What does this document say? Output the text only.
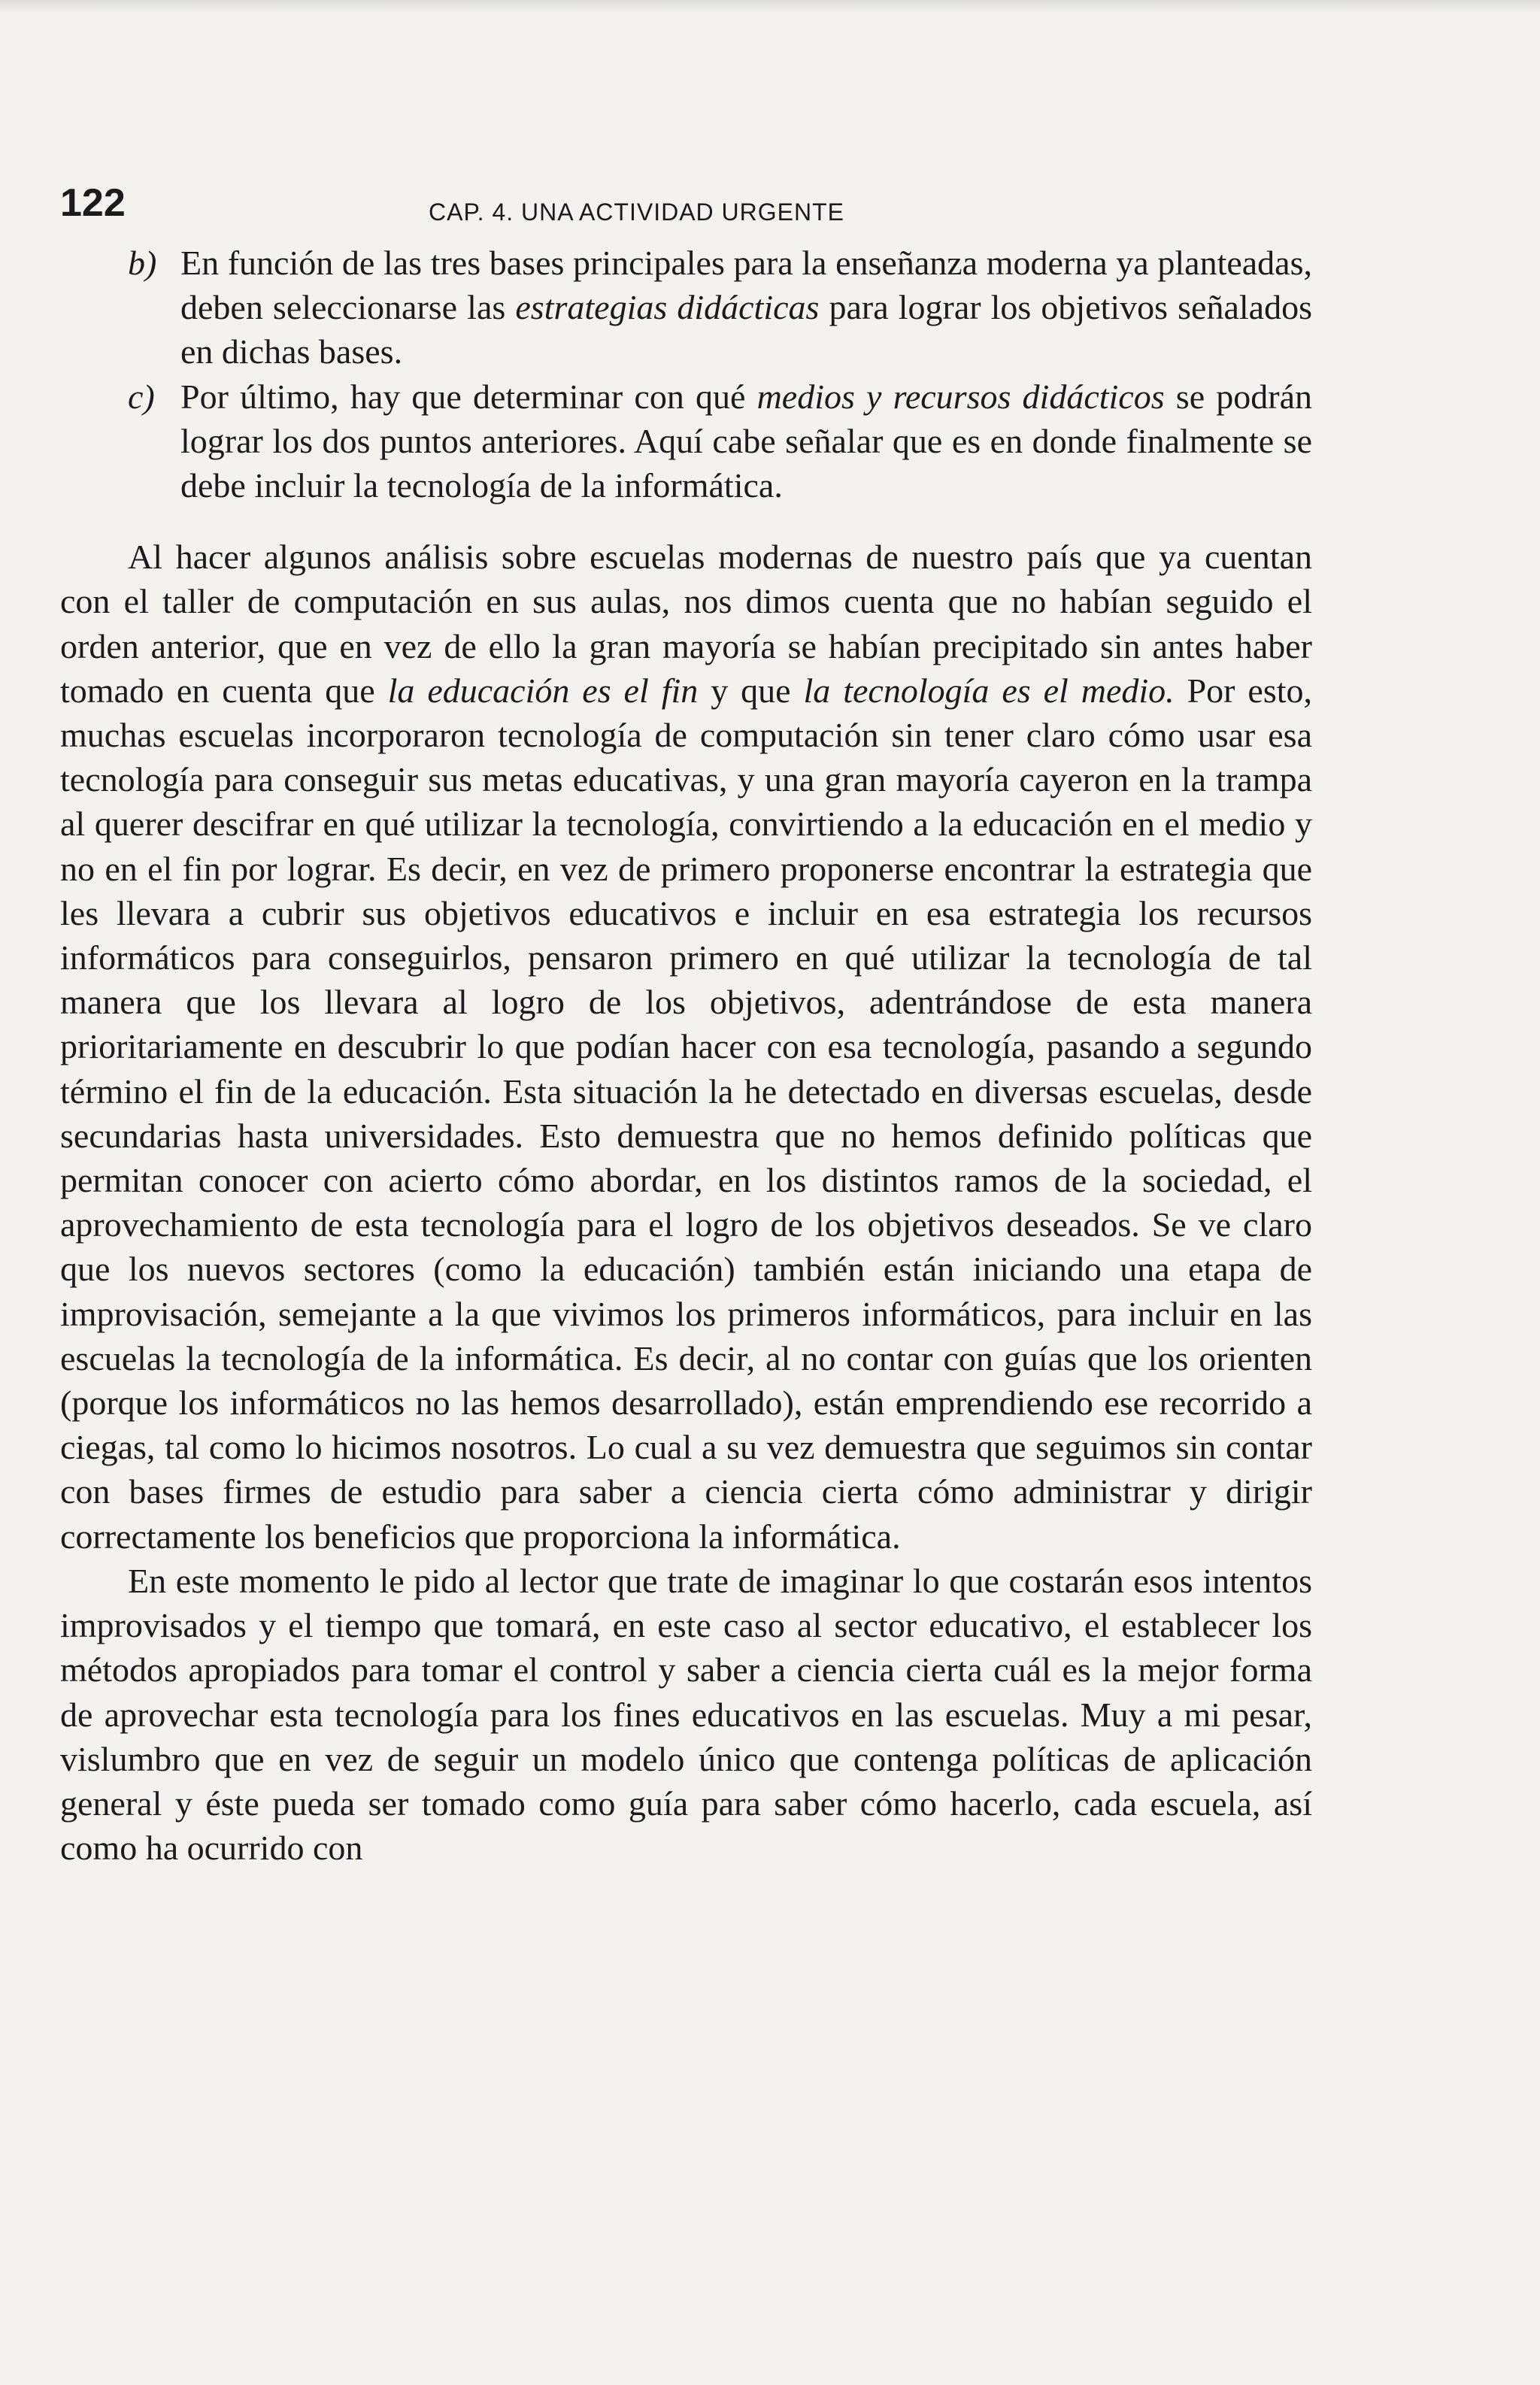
122	CAP. 4. UNA ACTIVIDAD URGENTE

b) En función de las tres bases principales para la enseñanza moderna ya planteadas, deben seleccionarse las estrategias didácticas para lograr los objetivos señalados en dichas bases.

c) Por último, hay que determinar con qué medios y recursos didácticos se podrán lograr los dos puntos anteriores. Aquí cabe señalar que es en donde finalmente se debe incluir la tecnología de la informática.

Al hacer algunos análisis sobre escuelas modernas de nuestro país que ya cuentan con el taller de computación en sus aulas, nos dimos cuenta que no habían seguido el orden anterior, que en vez de ello la gran mayoría se habían precipitado sin antes haber tomado en cuenta que la educación es el fin y que la tecnología es el medio. Por esto, muchas escuelas incorporaron tecnología de computación sin tener claro cómo usar esa tecnología para conseguir sus metas educativas, y una gran mayoría cayeron en la trampa al querer descifrar en qué utilizar la tecnología, convirtiendo a la educación en el medio y no en el fin por lograr. Es decir, en vez de primero proponerse encontrar la estrategia que les llevara a cubrir sus objetivos educativos e incluir en esa estrategia los recursos informáticos para conseguirlos, pensaron primero en qué utilizar la tecnología de tal manera que los llevara al logro de los objetivos, adentrándose de esta manera prioritariamente en descubrir lo que podían hacer con esa tecnología, pasando a segundo término el fin de la educación. Esta situación la he detectado en diversas escuelas, desde secundarias hasta universidades. Esto demuestra que no hemos definido políticas que permitan conocer con acierto cómo abordar, en los distintos ramos de la sociedad, el aprovechamiento de esta tecnología para el logro de los objetivos deseados. Se ve claro que los nuevos sectores (como la educación) también están iniciando una etapa de improvisación, semejante a la que vivimos los primeros informáticos, para incluir en las escuelas la tecnología de la informática. Es decir, al no contar con guías que los orienten (porque los informáticos no las hemos desarrollado), están emprendiendo ese recorrido a ciegas, tal como lo hicimos nosotros. Lo cual a su vez demuestra que seguimos sin contar con bases firmes de estudio para saber a ciencia cierta cómo administrar y dirigir correctamente los beneficios que proporciona la informática.

En este momento le pido al lector que trate de imaginar lo que costarán esos intentos improvisados y el tiempo que tomará, en este caso al sector educativo, el establecer los métodos apropiados para tomar el control y saber a ciencia cierta cuál es la mejor forma de aprovechar esta tecnología para los fines educativos en las escuelas. Muy a mi pesar, vislumbro que en vez de seguir un modelo único que contenga políticas de aplicación general y éste pueda ser tomado como guía para saber cómo hacerlo, cada escuela, así como ha ocurrido con
